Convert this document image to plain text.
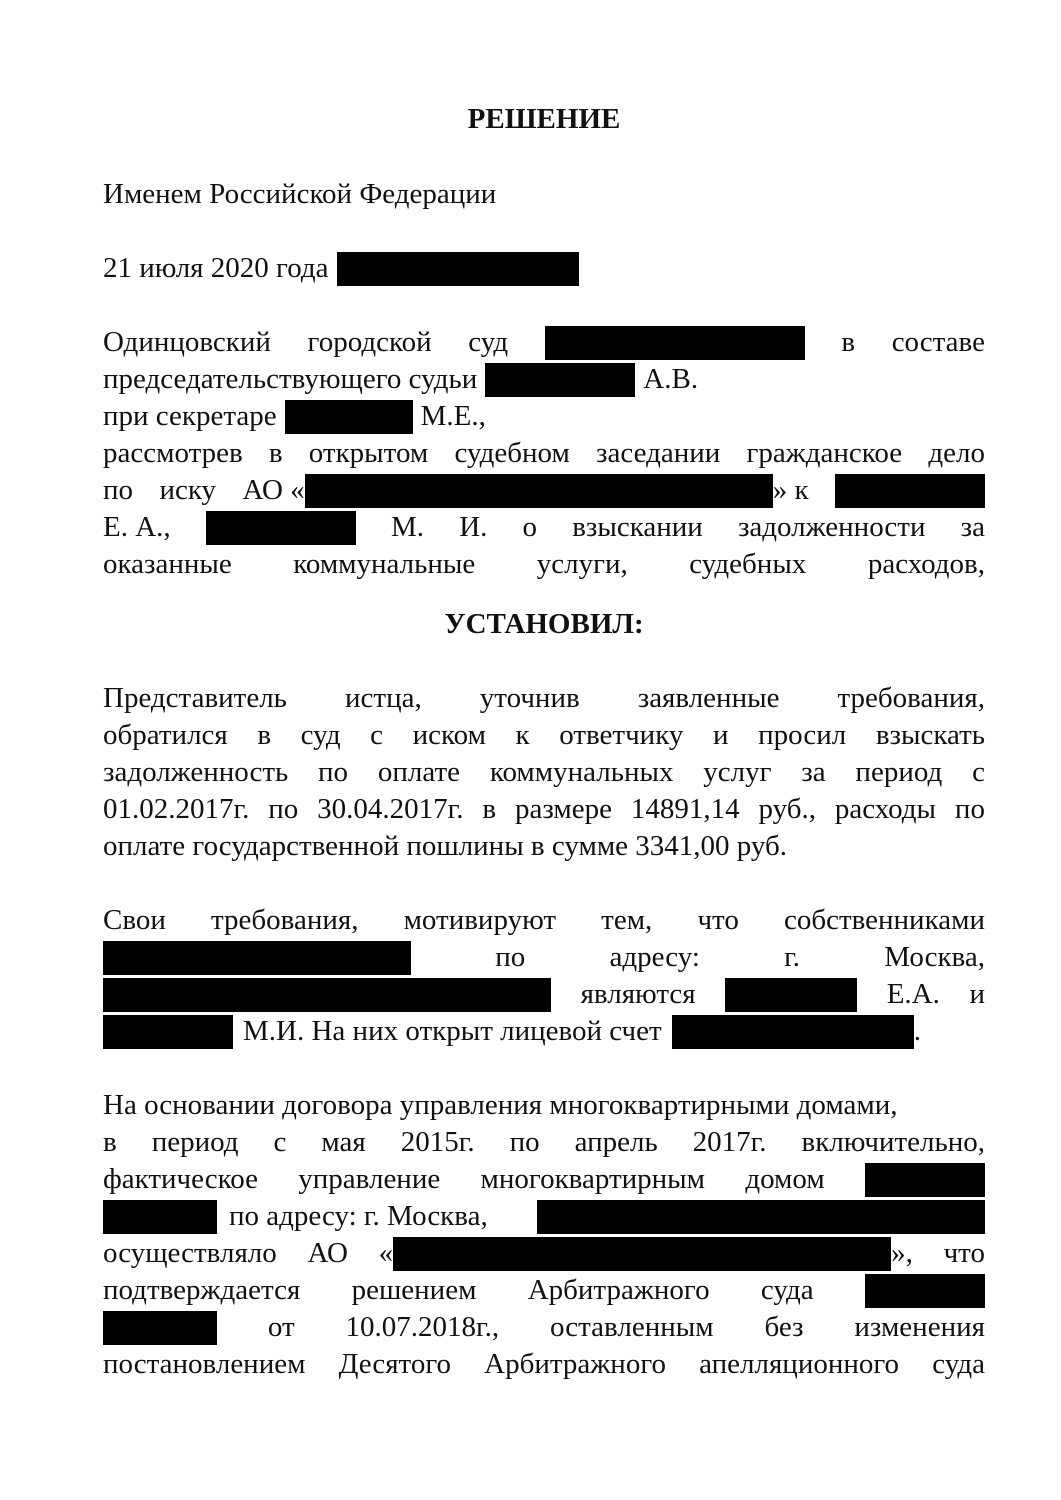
РЕШЕНИЕ
Именем Российской Федерации
21 июля 2020 года
Одинцовский городской суд	в составе
председательствующего судьи	А.В.
при секретаре	М.Е.,
рассмотрев в открытом судебном заседании гражданское дело
по иску АО «	» к
Е. А.,	М. И. о взыскании задолженности за
оказанные коммунальные услуги, судебных расходов,
УСТАНОВИЛ:
Представитель истца, уточнив заявленные требования,
обратился в суд с иском к ответчику и просил взыскать
задолженность по оплате коммунальных услуг за период с
01.02.2017г. по 30.04.2017г. в размере 14891,14 руб., расходы по
оплате государственной пошлины в сумме 3341,00 руб.
Свои требования, мотивируют тем, что собственниками
по	адресу:	г.	Москва,
являются	Е.А. и
М.И. На них открыт лицевой счет	.
На основании договора управления многоквартирными домами,
в период с мая 2015г. по апрель 2017г. включительно,
фактическое управление многоквартирным домом
по адресу: г. Москва,
осуществляло АО «	», что
подтверждается решением Арбитражного суда
от 10.07.2018г., оставленным без изменения
постановлением Десятого Арбитражного апелляционного суда
